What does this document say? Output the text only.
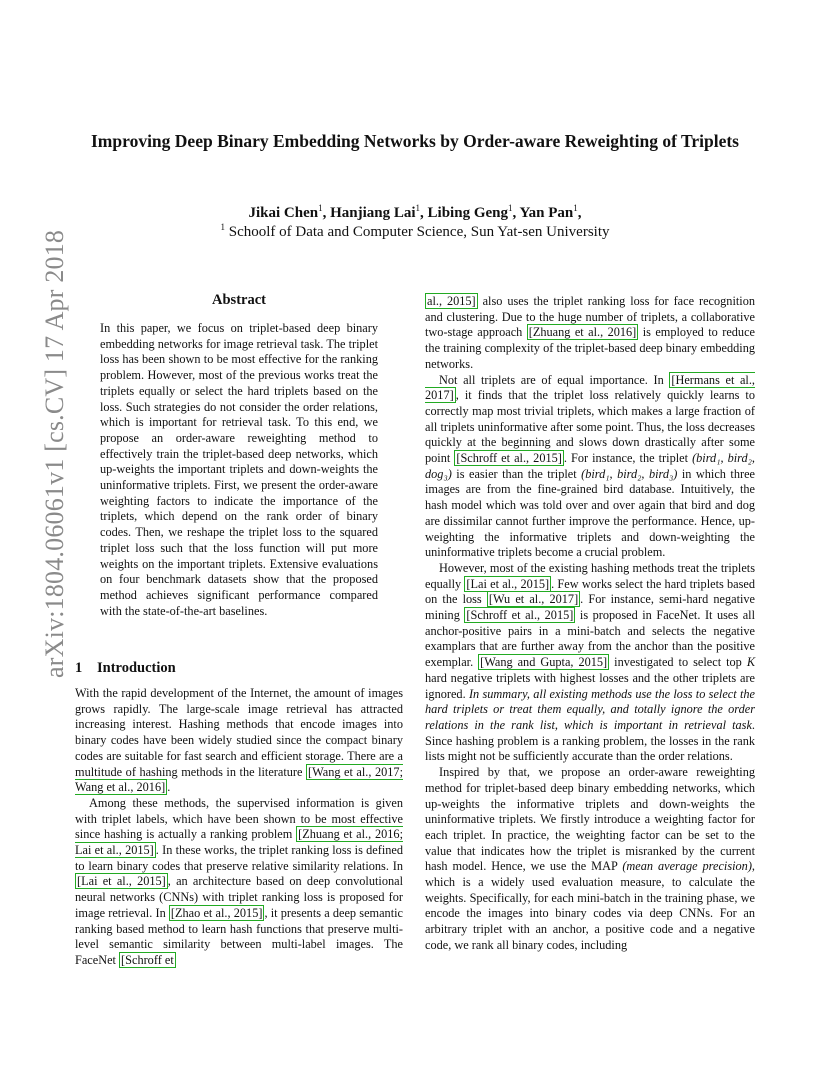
arXiv:1804.06061v1 [cs.CV] 17 Apr 2018
Improving Deep Binary Embedding Networks by Order-aware Reweighting of Triplets
Jikai Chen$^1$, Hanjiang Lai$^1$, Libing Geng$^1$, Yan Pan$^1$,
$^1$ Schoolf of Data and Computer Science, Sun Yat-sen University
Abstract

In this paper, we focus on triplet-based deep binary embedding networks for image retrieval task. The triplet loss has been shown to be most effective for the ranking problem. However, most of the previous works treat the triplets equally or select the hard triplets based on the loss. Such strategies do not consider the order relations, which is important for retrieval task. To this end, we propose an order-aware reweighting method to effectively train the triplet-based deep networks, which up-weights the important triplets and down-weights the uninformative triplets. First, we present the order-aware weighting factors to indicate the importance of the triplets, which depend on the rank order of binary codes. Then, we reshape the triplet loss to the squared triplet loss such that the loss function will put more weights on the important triplets. Extensive evaluations on four benchmark datasets show that the proposed method achieves significant performance compared with the state-of-the-art baselines.

1 Introduction

With the rapid development of the Internet, the amount of images grows rapidly. The large-scale image retrieval has attracted increasing interest. Hashing methods that encode images into binary codes have been widely studied since the compact binary codes are suitable for fast search and efficient storage. There are a multitude of hashing methods in the literature [Wang et al., 2017; Wang et al., 2016] .

Among these methods, the supervised information is given with triplet labels, which have been shown to be most effective since hashing is actually a ranking problem [Zhuang et al., 2016; Lai et al., 2015] . In these works, the triplet ranking loss is defined to learn binary codes that preserve relative similarity relations. In [Lai et al., 2015] , an architecture based on deep convolutional neural networks (CNNs) with triplet ranking loss is proposed for image retrieval. In [Zhao et al., 2015] , it presents a deep semantic ranking based method to learn hash functions that preserve multi-level semantic similarity between multi-label images. The FaceNet [Schroff et

al., 2015] also uses the triplet ranking loss for face recognition and clustering. Due to the huge number of triplets, a collaborative two-stage approach [Zhuang et al., 2016] is employed to reduce the training complexity of the triplet-based deep binary embedding networks.

Not all triplets are of equal importance. In [Hermans et al., 2017] , it finds that the triplet loss relatively quickly learns to correctly map most trivial triplets, which makes a large fraction of all triplets uninformative after some point. Thus, the loss decreases quickly at the beginning and slows down drastically after some point [Schroff et al., 2015] . For instance, the triplet (bird₁, bird₂, dog₃) is easier than the triplet (bird₁, bird₂, bird₃) in which three images are from the fine-grained bird database. Intuitively, the hash model which was told over and over again that bird and dog are dissimilar cannot further improve the performance. Hence, up-weighting the informative triplets and down-weighting the uninformative triplets become a crucial problem.

However, most of the existing hashing methods treat the triplets equally [Lai et al., 2015] . Few works select the hard triplets based on the loss [Wu et al., 2017] . For instance, semi-hard negative mining [Schroff et al., 2015] is proposed in FaceNet. It uses all anchor-positive pairs in a mini-batch and selects the negative examplars that are further away from the anchor than the positive exemplar. [Wang and Gupta, 2015] investigated to select top K hard negative triplets with highest losses and the other triplets are ignored. In summary, all existing methods use the loss to select the hard triplets or treat them equally, and totally ignore the order relations in the rank list, which is important in retrieval task. Since hashing problem is a ranking problem, the losses in the rank lists might not be sufficiently accurate than the order relations.

Inspired by that, we propose an order-aware reweighting method for triplet-based deep binary embedding networks, which up-weights the informative triplets and down-weights the uninformative triplets. We firstly introduce a weighting factor for each triplet. In practice, the weighting factor can be set to the value that indicates how the triplet is misranked by the current hash model. Hence, we use the MAP (mean average precision), which is a widely used evaluation measure, to calculate the weights. Specifically, for each mini-batch in the training phase, we encode the images into binary codes via deep CNNs. For an arbitrary triplet with an anchor, a positive code and a negative code, we rank all binary codes, including
